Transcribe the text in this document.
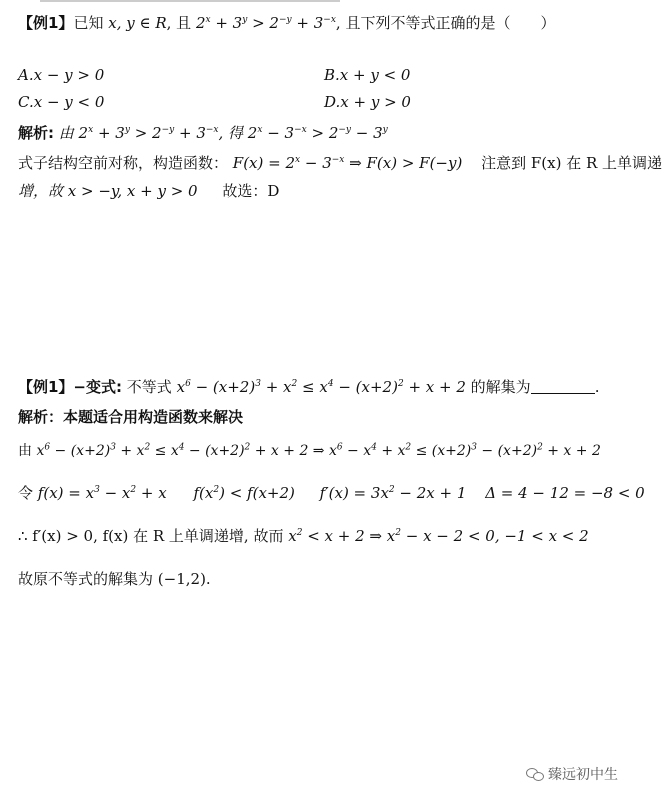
【例1】已知 x, y ∈ R, 且 $2^x + 3^y > 2^{-y} + 3^{-x}$, 且下列不等式正确的是（　　）
A.x − y > 0	B.x + y < 0
C.x − y < 0	D.x + y > 0
解析: 由 $2^x + 3^y > 2^{-y} + 3^{-x}$, 得 $2^x - 3^{-x} > 2^{-y} - 3^y$
式子结构空前对称，构造函数： $F(x) = 2^x - 3^{-x}$ ⇒ F(x) > F(−y) 注意到 F(x) 在 R 上单调递
增，故 x > −y, x + y > 0 故选：D
【例1】−变式: 不等式 $x^6 - (x+2)^3 + x^2 \le x^4 - (x+2)^2 + x + 2$ 的解集为	.
解析：本题适合用构造函数来解决
由 $x^6 - (x+2)^3 + x^2 \le x^4 - (x+2)^2 + x + 2$ ⇒ $x^6 - x^4 + x^2 \le (x+2)^3 - (x+2)^2 + x + 2$
令 $f(x) = x^3 - x^2 + x$ $f(x^2) < f(x+2) f'(x) = 3x^2 - 2x + 1$ Δ = 4 − 12 = −8 < 0
∴ f′(x) > 0, f(x) 在 R 上单调递增, 故而 $x^2 < x + 2$ ⇒ $x^2 - x - 2 < 0$, −1 < x < 2
故原不等式的解集为 (−1,2).
臻远初中生
